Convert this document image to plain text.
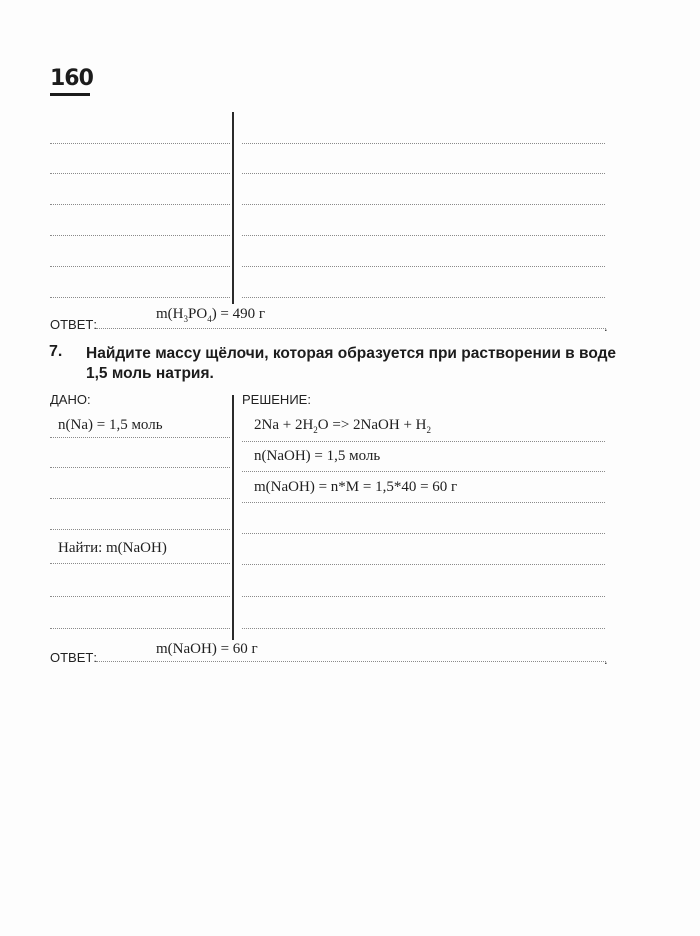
160
ОТВЕТ:	.
$m(H_3PO_4) = 490$ г
7. Найдите массу щёлочи, которая образуется при растворении в воде 1,5 моль натрия.
ДАНО:	РЕШЕНИЕ:
n(Na) = 1,5 моль
Найти: m(NaOH)
$2Na + 2H_2O$ => 2NaOH + $H_2$
n(NaOH) = 1,5 моль
m(NaOH) = n*M = 1,5*40 = 60 г
ОТВЕТ:	.
m(NaOH) = 60 г
